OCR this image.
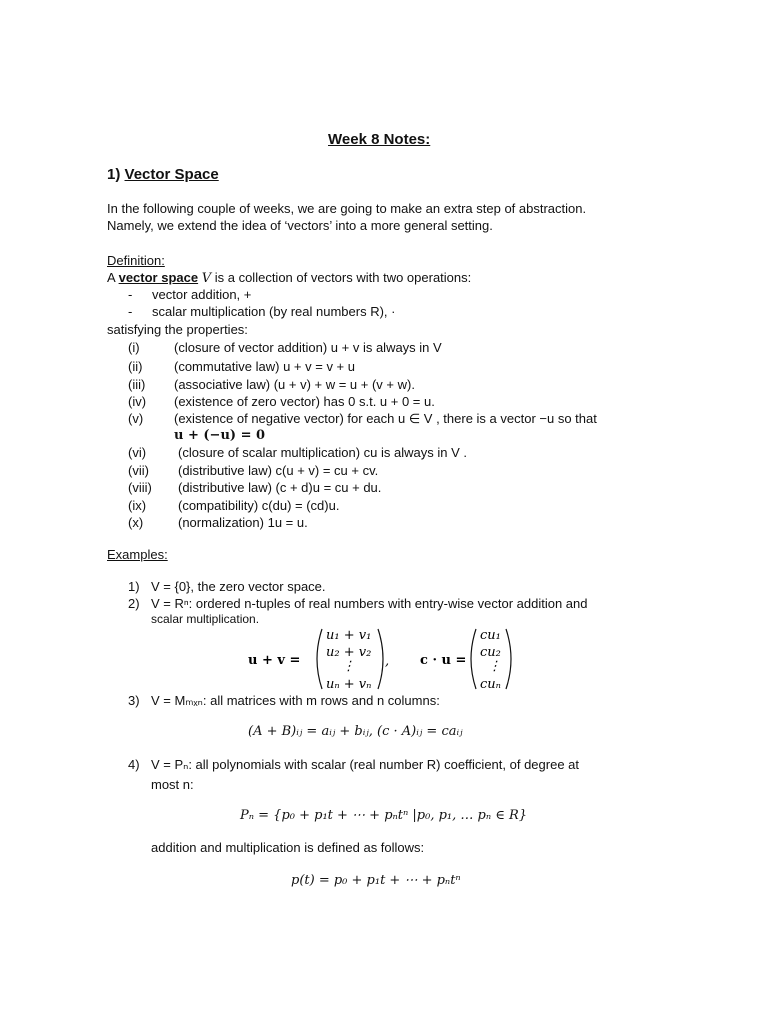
Week 8 Notes:
1) Vector Space
In the following couple of weeks, we are going to make an extra step of abstraction.
Namely, we extend the idea of ‘vectors’ into a more general setting.
Definition:
A vector space V is a collection of vectors with two operations:
- vector addition, +
- scalar multiplication (by real numbers R), ·
satisfying the properties:
(i)	(closure of vector addition) u + v is always in V
(ii) (commutative law) u + v = v + u
(iii) (associative law) (u + v) + w = u + (v + w).
(iv) (existence of zero vector) has 0 s.t. u + 0 = u.
(v) (existence of negative vector) for each u ∈ V , there is a vector −u so that
u + (−u) = 0
(vi) (closure of scalar multiplication) cu is always in V .
(vii) (distributive law) c(u + v) = cu + cv.
(viii) (distributive law) (c + d)u = cu + du.
(ix) (compatibility) c(du) = (cd)u.
(x)	(normalization) 1u = u.
Examples:
1) V = {0}, the zero vector space.
2) V = Rⁿ: ordered n-tuples of real numbers with entry-wise vector addition and
scalar multiplication.
u + v =
u₁ + v₁
u₂ + v₂
⋮
uₙ + vₙ
, c · u =
cu₁
cu₂
⋮
cuₙ
3) V = Mₘₓₙ: all matrices with m rows and n columns:
(A + B)ᵢⱼ = aᵢⱼ + bᵢⱼ, (c · A)ᵢⱼ = caᵢⱼ
4) V = Pₙ: all polynomials with scalar (real number R) coefficient, of degree at
most n:
Pₙ = {p₀ + p₁t + ⋯ + pₙtⁿ |p₀, p₁, … pₙ ∈ R}
addition and multiplication is defined as follows:
p(t) = p₀ + p₁t + ⋯ + pₙtⁿ
